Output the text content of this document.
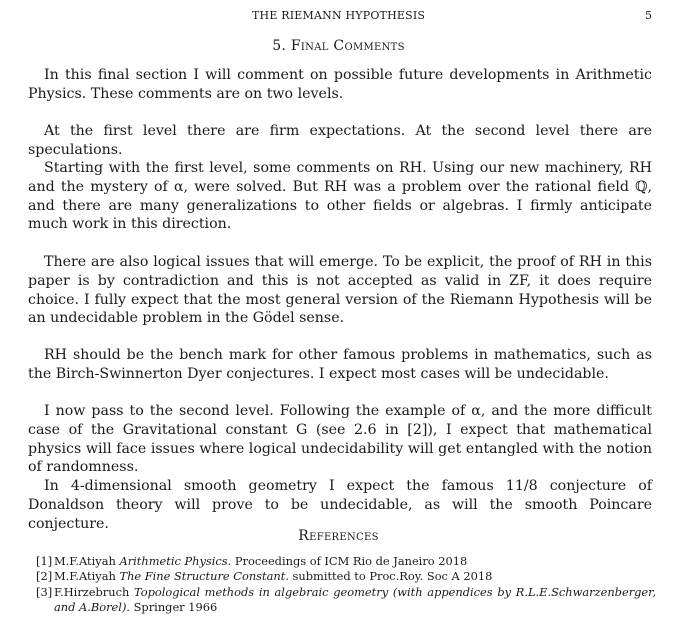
THE RIEMANN HYPOTHESIS	5
5. Final Comments

In this final section I will comment on possible future developments in Arithmetic Physics. These comments are on two levels.

At the first level there are firm expectations. At the second level there are speculations.

Starting with the first level, some comments on RH. Using our new machinery, RH and the mystery of α, were solved. But RH was a problem over the rational field ℚ, and there are many generalizations to other fields or algebras. I firmly anticipate much work in this direction.

There are also logical issues that will emerge. To be explicit, the proof of RH in this paper is by contradiction and this is not accepted as valid in ZF, it does require choice. I fully expect that the most general version of the Riemann Hypothesis will be an undecidable problem in the Gödel sense.

RH should be the bench mark for other famous problems in mathematics, such as the Birch-Swinnerton Dyer conjectures. I expect most cases will be undecidable.

I now pass to the second level. Following the example of α, and the more difficult case of the Gravitational constant G (see 2.6 in [2]), I expect that mathematical physics will face issues where logical undecidability will get entangled with the notion of randomness.

In 4-dimensional smooth geometry I expect the famous 11/8 conjecture of Donaldson theory will prove to be undecidable, as will the smooth Poincare conjecture.

References
[1] M.F.Atiyah Arithmetic Physics. Proceedings of ICM Rio de Janeiro 2018
[2] M.F.Atiyah The Fine Structure Constant. submitted to Proc.Roy. Soc A 2018
[3] F.Hirzebruch Topological methods in algebraic geometry (with appendices by R.L.E.Schwarzenberger, and A.Borel). Springer 1966
